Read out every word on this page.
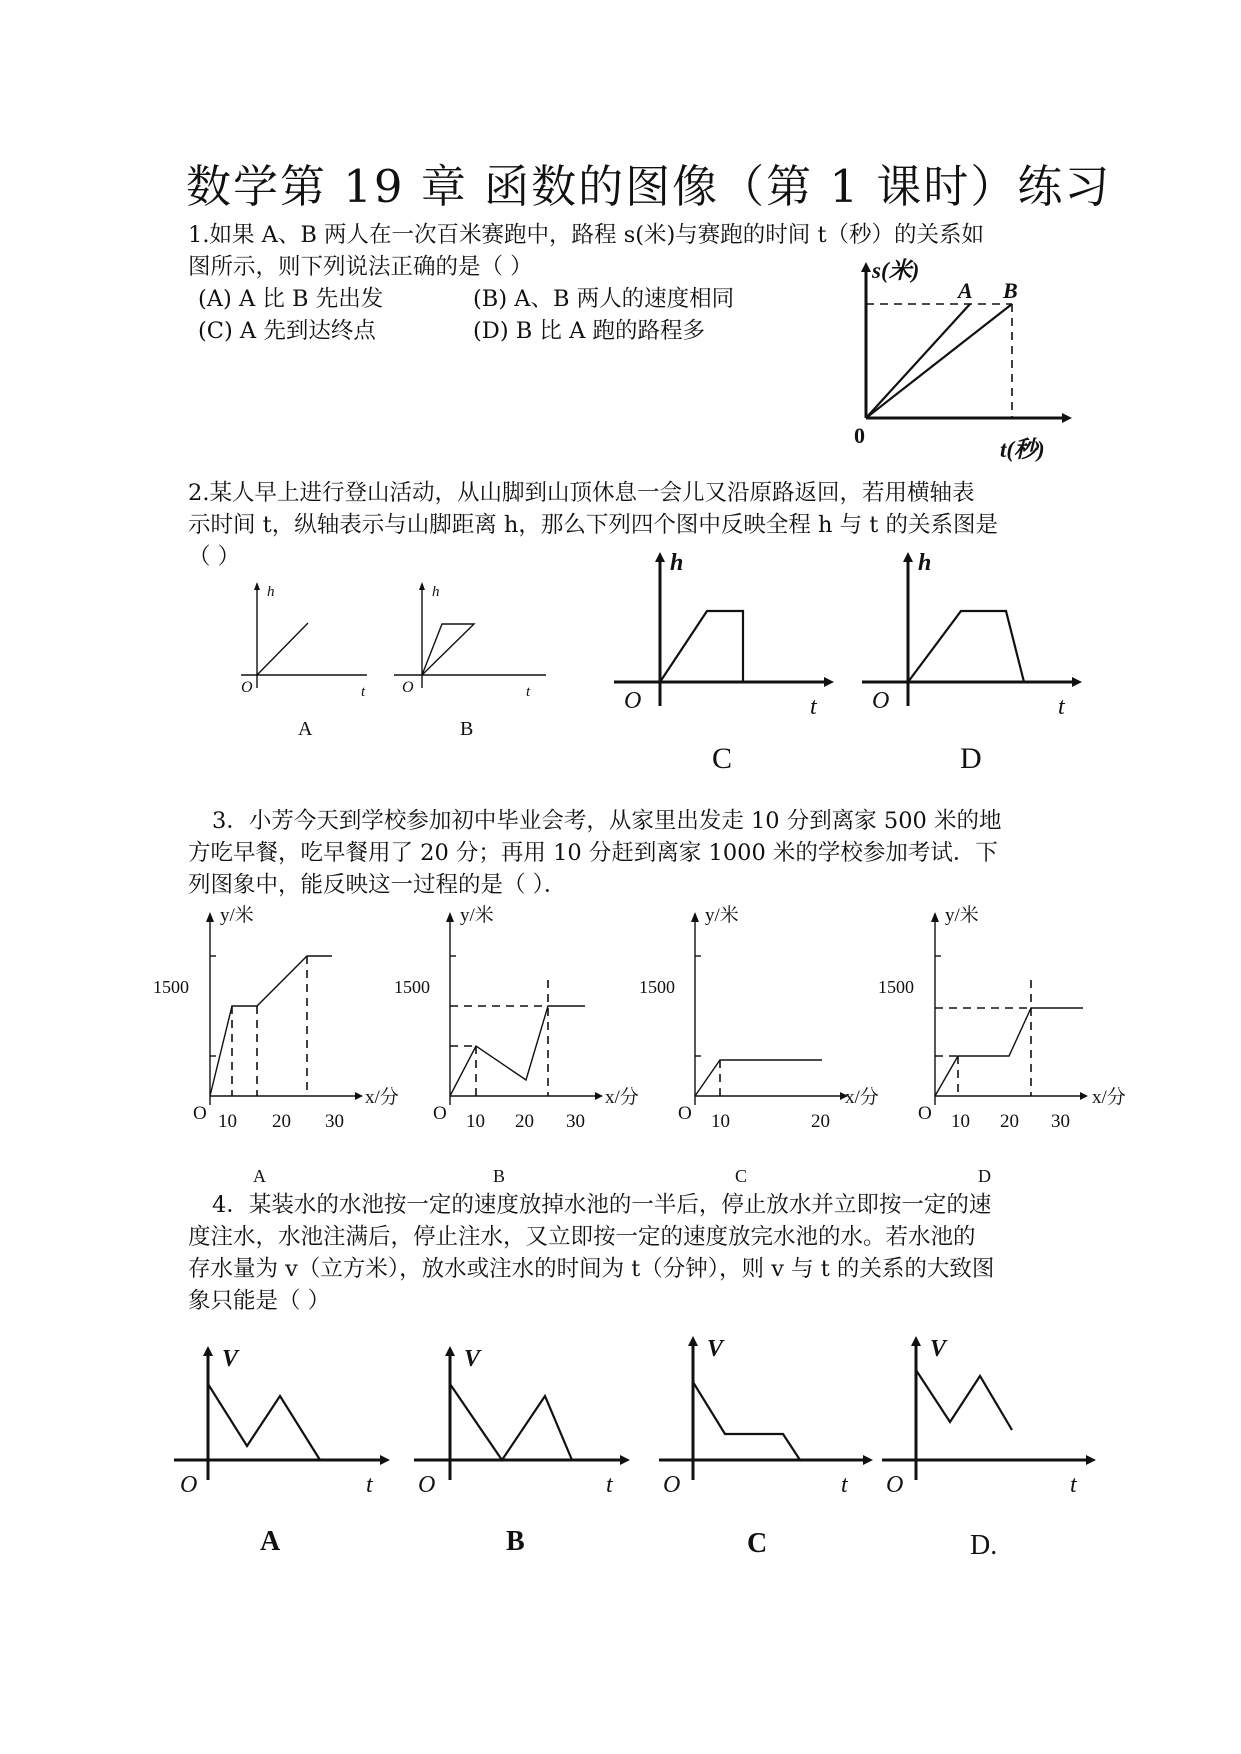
数学第 19 章 函数的图像（第 1 课时）练习
1.如果 A、B 两人在一次百米赛跑中，路程 s(米)与赛跑的时间 t（秒）的关系如
图所示，则下列说法正确的是（ ）
(A) A 比 B 先出发	(B) A、B 两人的速度相同
(C) A 先到达终点	(D) B 比 A 跑的路程多
s(米)
A B
0
t(秒)
2.某人早上进行登山活动，从山脚到山顶休息一会儿又沿原路返回，若用横轴表
示时间 t，纵轴表示与山脚距离 h，那么下列四个图中反映全程 h 与 t 的关系图是
（ ）
h
O	t
A
h
O	t
B
h
O	t
C
h
O	t
D
3．小芳今天到学校参加初中毕业会考，从家里出发走 10 分到离家 500 米的地
方吃早餐，吃早餐用了 20 分；再用 10 分赶到离家 1000 米的学校参加考试．下
列图象中，能反映这一过程的是（ ）．
y/米
1500
x/分
O 10 20 30
A
y/米
1500
x/分
O 10 20 30
B
y/米
1500
x/分
O 10	20
C
y/米
1500
x/分
O 10 20 30
D
4．某装水的水池按一定的速度放掉水池的一半后，停止放水并立即按一定的速
度注水，水池注满后，停止注水，又立即按一定的速度放完水池的水。若水池的
存水量为 v（立方米），放水或注水的时间为 t（分钟），则 v 与 t 的关系的大致图
象只能是（ ）
V
O	t
A
V
O	t
B
V
O	t
C
V
O	t
D.
